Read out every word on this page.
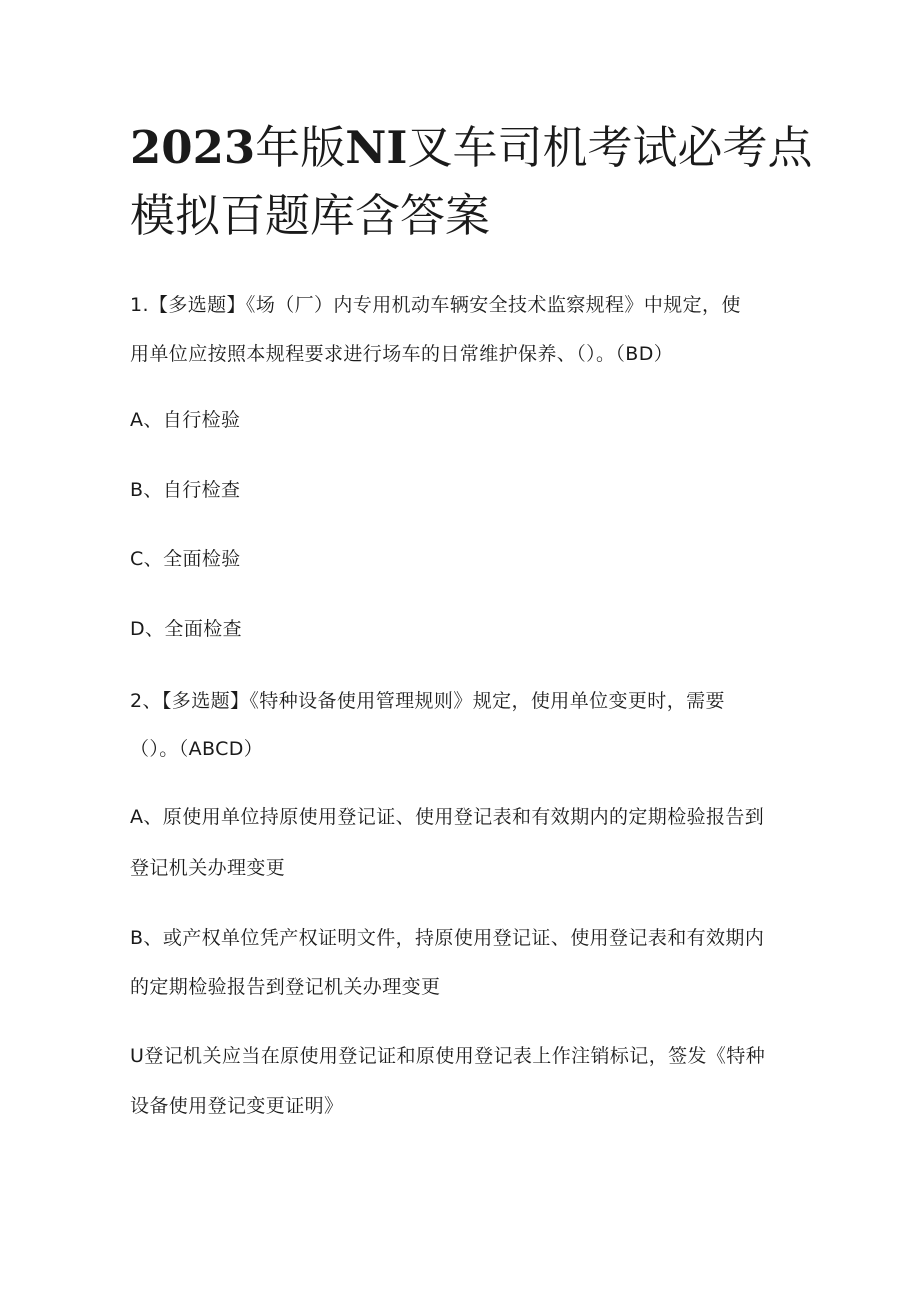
2023年版NI叉车司机考试必考点
模拟百题库含答案

1.【多选题】《场（厂）内专用机动车辆安全技术监察规程》中规定，使

用单位应按照本规程要求进行场车的日常维护保养、（）。（BD）

A、自行检验

B、自行检查

C、全面检验

D、全面检查

2、【多选题】《特种设备使用管理规则》规定，使用单位变更时，需要

（）。（ABCD）

A、原使用单位持原使用登记证、使用登记表和有效期内的定期检验报告到

登记机关办理变更

B、或产权单位凭产权证明文件，持原使用登记证、使用登记表和有效期内

的定期检验报告到登记机关办理变更

U登记机关应当在原使用登记证和原使用登记表上作注销标记，签发《特种

设备使用登记变更证明》
